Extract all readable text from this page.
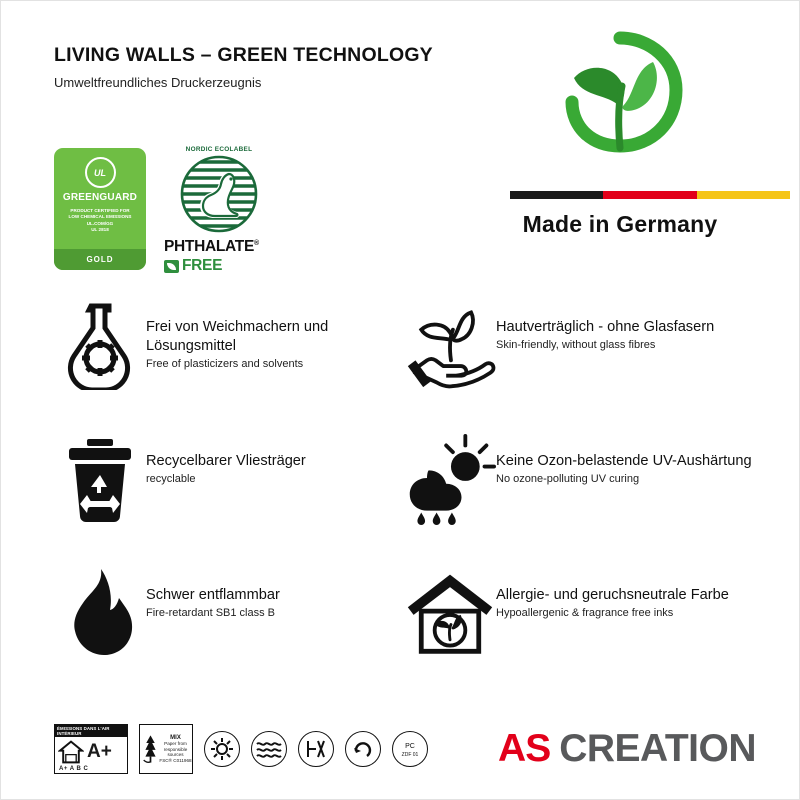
LIVING WALLS – GREEN TECHNOLOGY
Umweltfreundliches Druckerzeugnis
UL
GREENGUARD
PRODUCT CERTIFIED FOR
LOW CHEMICAL EMISSIONS
UL.COM/GG
UL 2818
GOLD
NORDIC ECOLABEL
PHTHALATE®
FREE
Made in Germany
Frei von Weichmachern und Lösungsmittel
Free of plasticizers and solvents
Hautverträglich - ohne Glasfasern
Skin-friendly, without glass fibres
Recycelbarer Vliesträger
recyclable
Keine Ozon-belastende UV-Aushärtung
No ozone-polluting UV curing
Schwer entflammbar
Fire-retardant SB1 class B
Allergie- und geruchsneutrale Farbe
Hypoallergenic & fragrance free inks
ÉMISSIONS DANS L'AIR INTÉRIEUR
A+
A+ A B C
MIX
Paper from
responsible sources
FSC® C011968
PC
ZDF 01 AS CREATION
